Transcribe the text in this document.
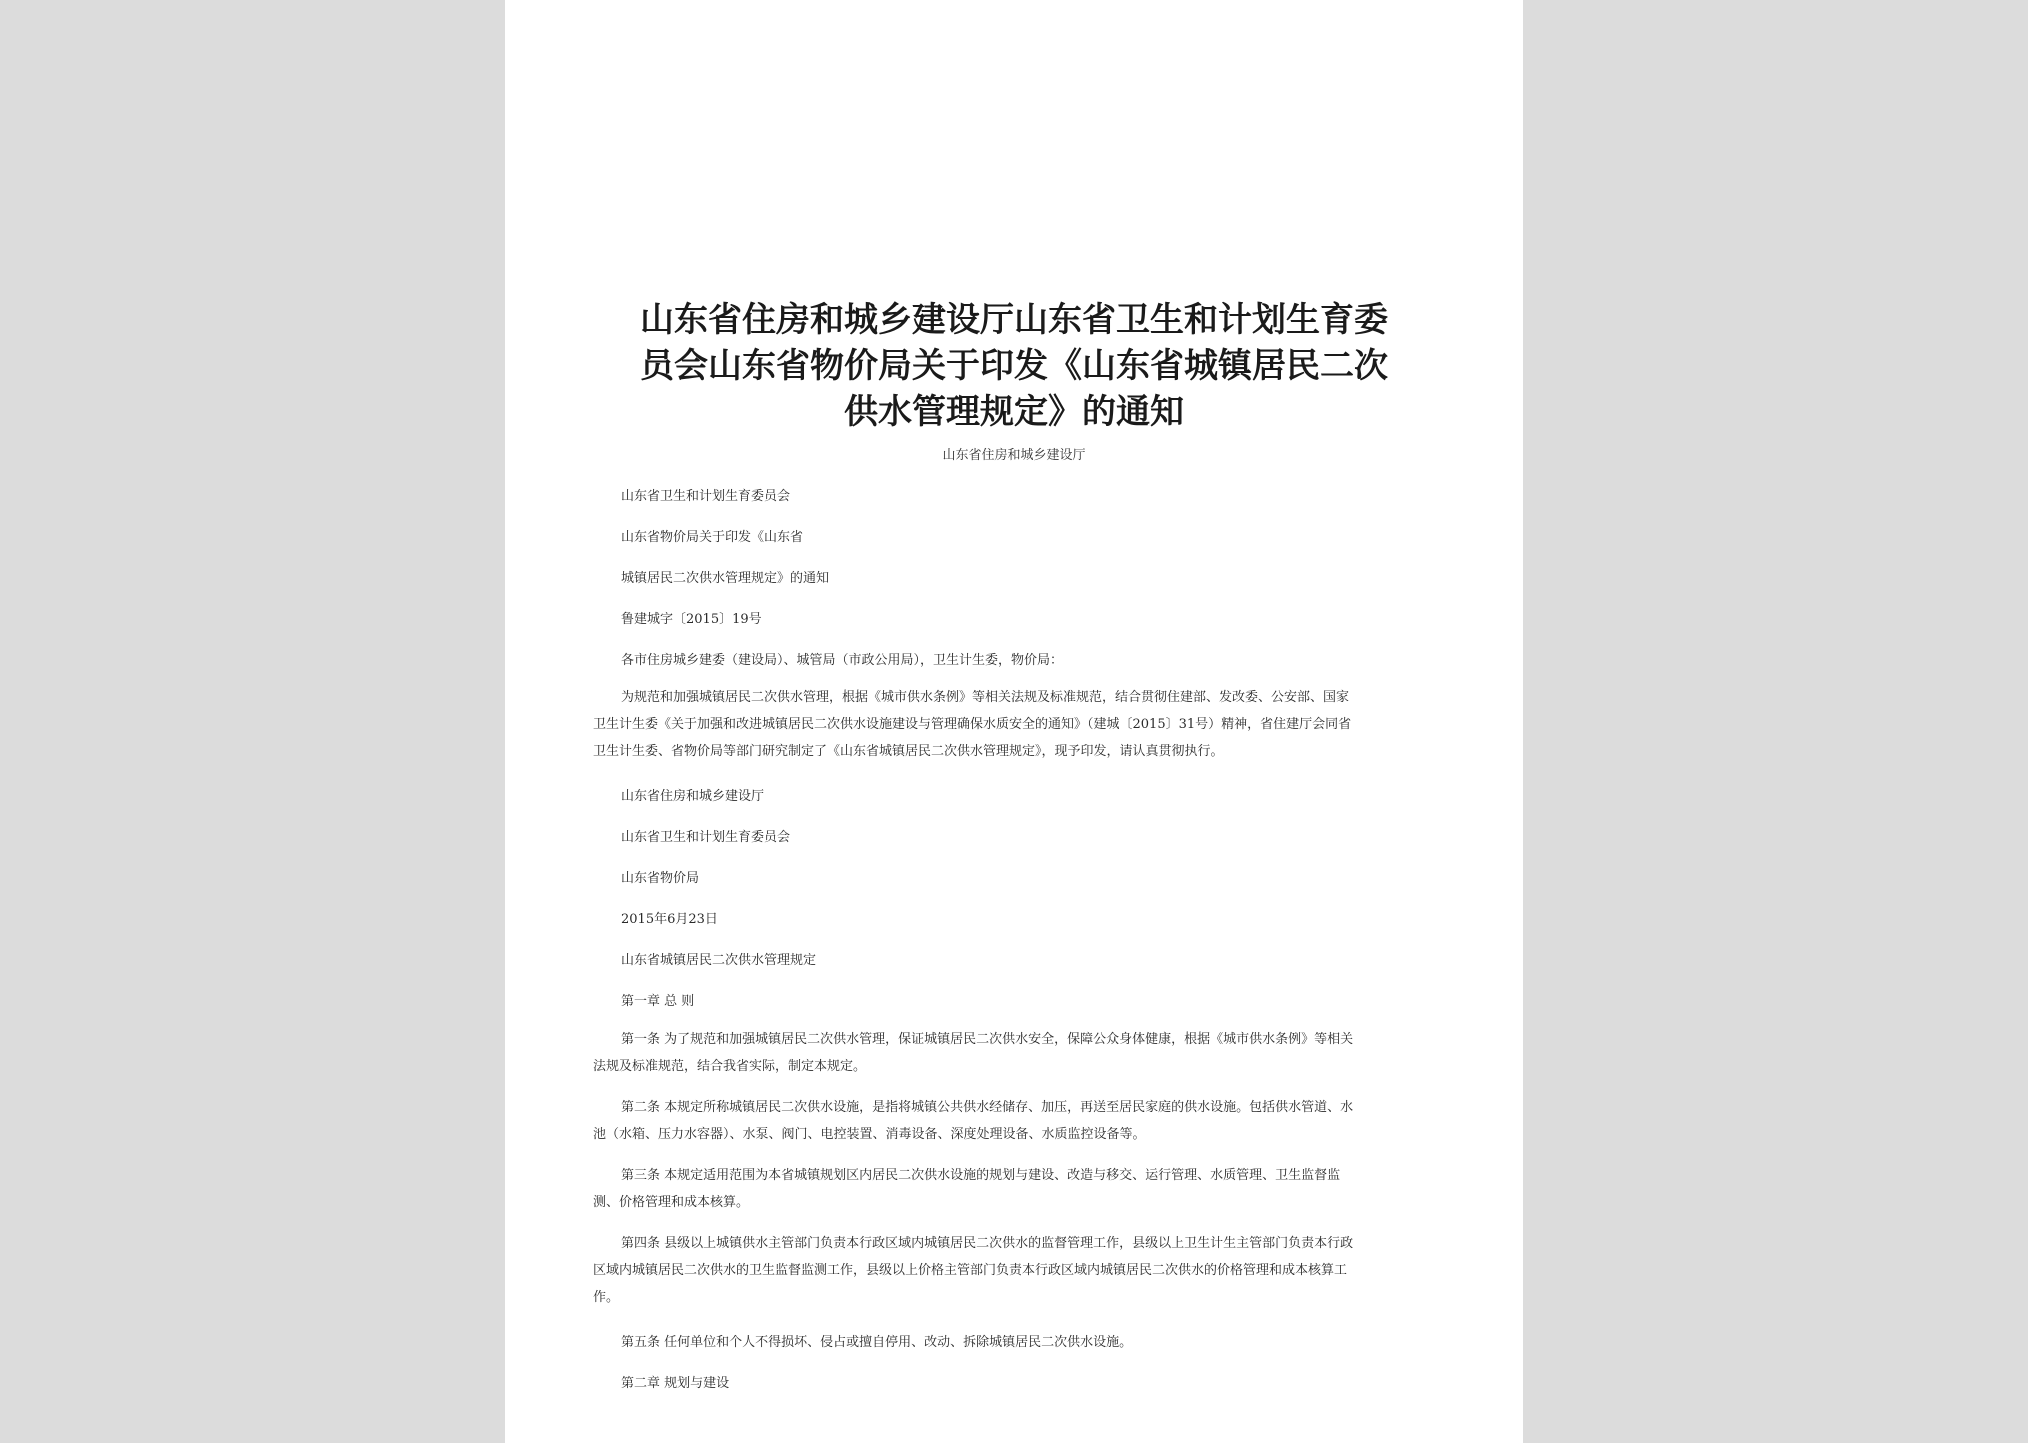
山东省住房和城乡建设厅山东省卫生和计划生育委
员会山东省物价局关于印发《山东省城镇居民二次
供水管理规定》的通知

山东省住房和城乡建设厅

山东省卫生和计划生育委员会

山东省物价局关于印发《山东省

城镇居民二次供水管理规定》的通知

鲁建城字〔2015〕19号

各市住房城乡建委（建设局）、城管局（市政公用局），卫生计生委，物价局：

为规范和加强城镇居民二次供水管理，根据《城市供水条例》等相关法规及标准规范，结合贯彻住建部、发改委、公安部、国家
卫生计生委《关于加强和改进城镇居民二次供水设施建设与管理确保水质安全的通知》（建城〔2015〕31号）精神，省住建厅会同省
卫生计生委、省物价局等部门研究制定了《山东省城镇居民二次供水管理规定》，现予印发，请认真贯彻执行。

山东省住房和城乡建设厅

山东省卫生和计划生育委员会

山东省物价局

2015年6月23日

山东省城镇居民二次供水管理规定

第一章 总 则

第一条 为了规范和加强城镇居民二次供水管理，保证城镇居民二次供水安全，保障公众身体健康，根据《城市供水条例》等相关
法规及标准规范，结合我省实际，制定本规定。
第二条 本规定所称城镇居民二次供水设施，是指将城镇公共供水经储存、加压，再送至居民家庭的供水设施。包括供水管道、水
池（水箱、压力水容器）、水泵、阀门、电控装置、消毒设备、深度处理设备、水质监控设备等。
第三条 本规定适用范围为本省城镇规划区内居民二次供水设施的规划与建设、改造与移交、运行管理、水质管理、卫生监督监
测、价格管理和成本核算。
第四条 县级以上城镇供水主管部门负责本行政区域内城镇居民二次供水的监督管理工作，县级以上卫生计生主管部门负责本行政
区域内城镇居民二次供水的卫生监督监测工作，县级以上价格主管部门负责本行政区域内城镇居民二次供水的价格管理和成本核算工
作。

第五条 任何单位和个人不得损坏、侵占或擅自停用、改动、拆除城镇居民二次供水设施。

第二章 规划与建设
